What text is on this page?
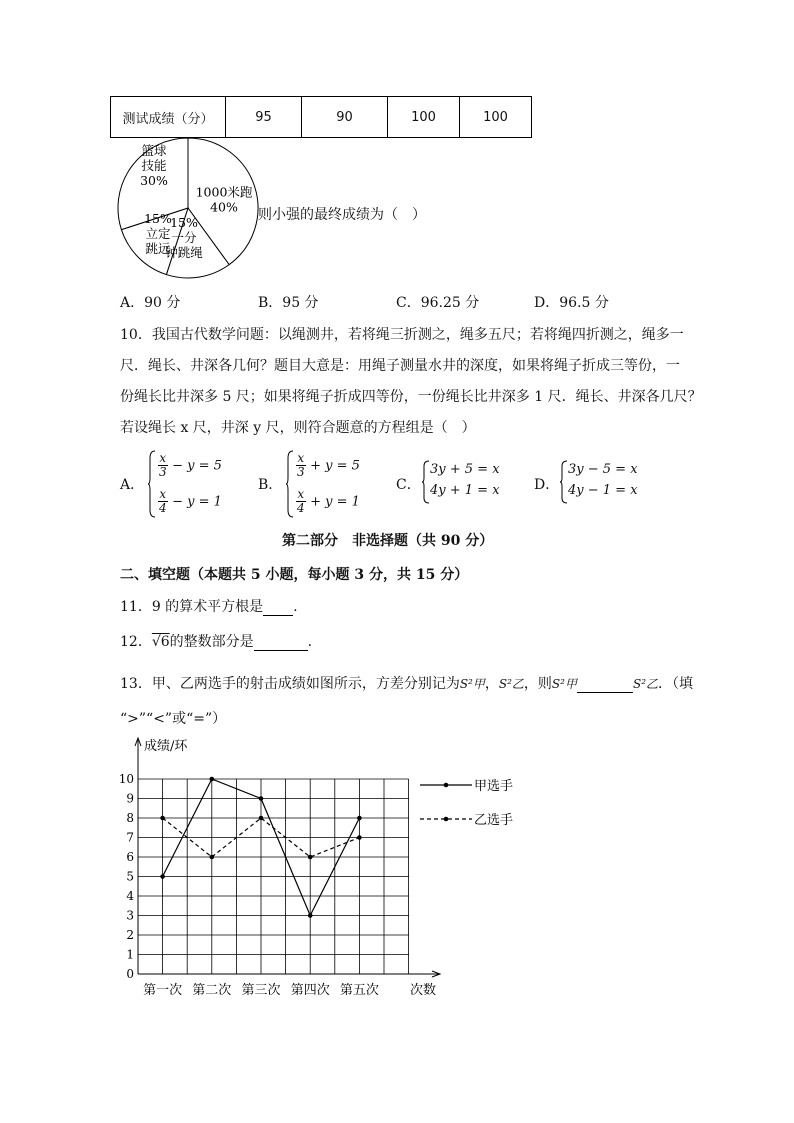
测试成绩（分）	95	90	100	100
1000米跑
40%
15%
一分
钟跳绳
15%
立定
跳远
篮球
技能
30%
则小强的最终成绩为（　）
A．90 分	B．95 分	C．96.25 分	D．96.5 分
10．我国古代数学问题：以绳测井，若将绳三折测之，绳多五尺；若将绳四折测之，绳多一
尺．绳长、井深各几何？题目大意是：用绳子测量水井的深度，如果将绳子折成三等份，一
份绳长比井深多 5 尺；如果将绳子折成四等份，一份绳长比井深多 1 尺．绳长、井深各几尺？
若设绳长 x 尺，井深 y 尺，则符合题意的方程组是（　）
A．
$\frac{x}{3} - y = 5$
$\frac{x}{4} - y = 1$
B．
$\frac{x}{3} + y = 5$
$\frac{x}{4} + y = 1$
C．
3y + 5 = x
4y + 1 = x D．
3y − 5 = x
4y − 1 = x
第二部分　非选择题（共 90 分）
二、填空题（本题共 5 小题，每小题 3 分，共 15 分）
11．9 的算术平方根是 .
12．√6的整数部分是	.
13．甲、乙两选手的射击成绩如图所示，方差分别记为S²甲，S²乙，则S²甲	S²乙．（填
“>”“<”或“=”）
成绩/环
次数
0
1
2
3
4
5
6
7
8
9
10
第一次 第二次 第三次 第四次 第五次
甲选手
乙选手
